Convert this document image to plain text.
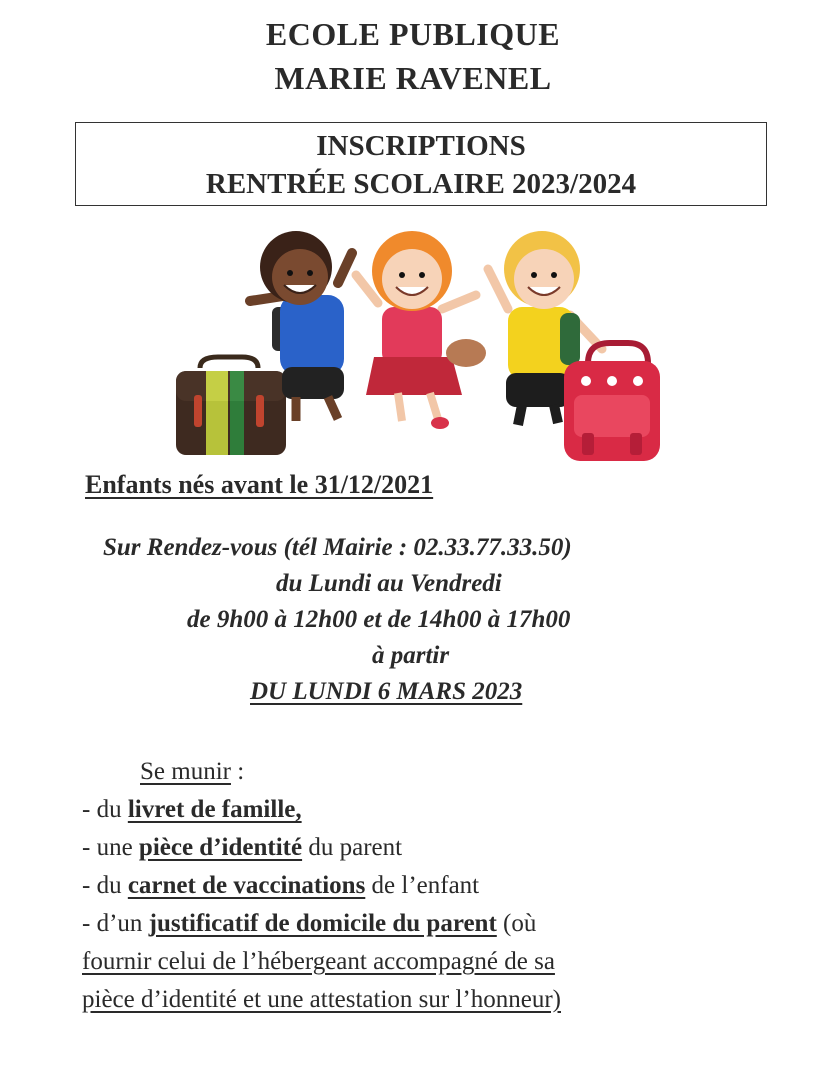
ECOLE PUBLIQUE
MARIE RAVENEL
INSCRIPTIONS
RENTRÉE SCOLAIRE 2023/2024
Enfants nés avant le 31/12/2021
Sur Rendez-vous (tél Mairie : 02.33.77.33.50)
du Lundi au Vendredi
de 9h00 à 12h00 et de 14h00 à 17h00
à partir
DU LUNDI 6 MARS 2023
Se munir :
- du livret de famille,
- une pièce d’identité du parent
- du carnet de vaccinations de l’enfant
- d’un justificatif de domicile du parent (où
fournir celui de l’hébergeant accompagné de sa
pièce d’identité et une attestation sur l’honneur)
